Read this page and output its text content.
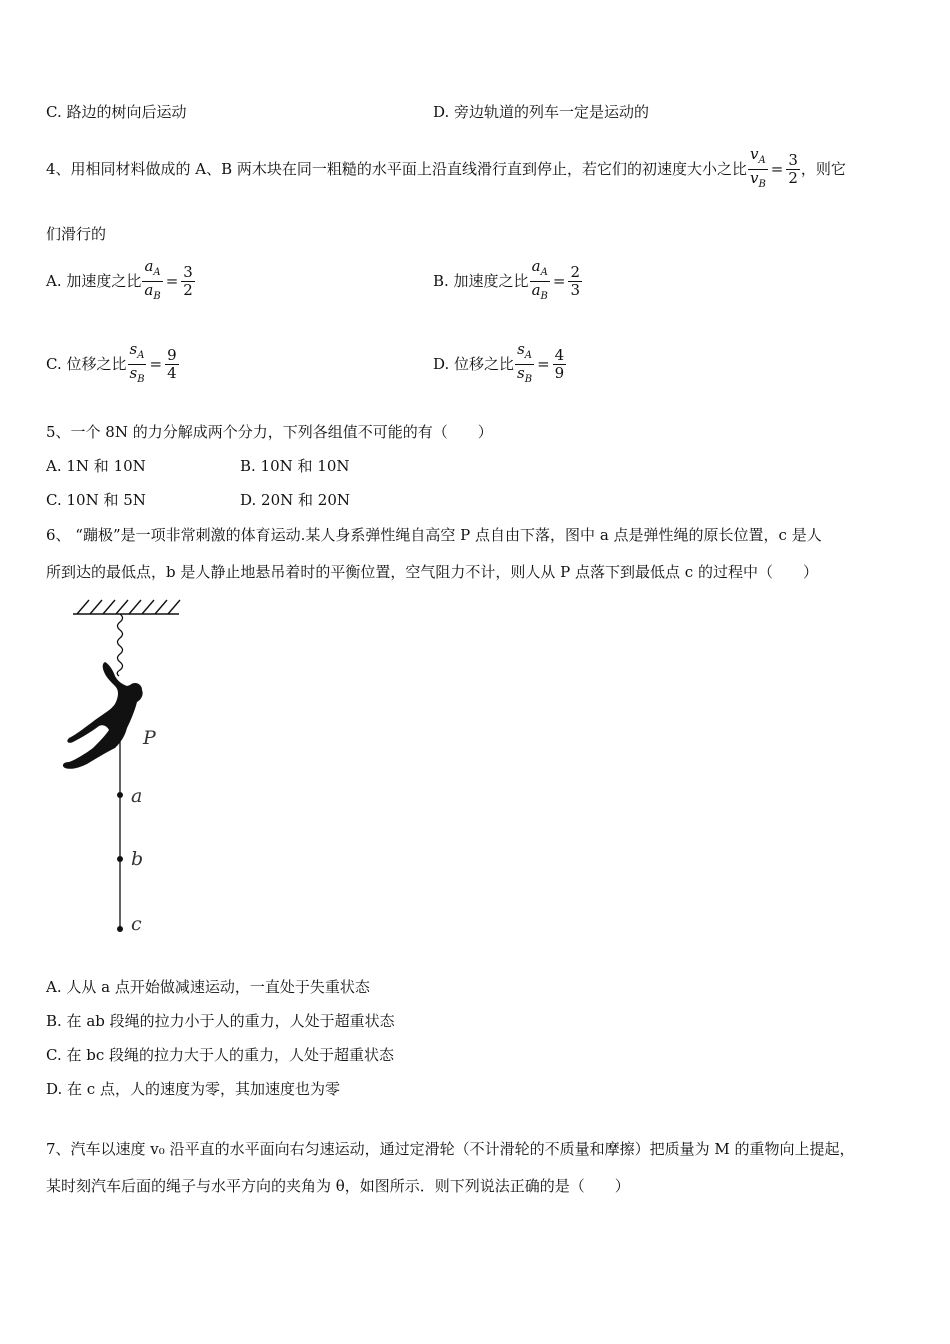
C. 路边的树向后运动	D. 旁边轨道的列车一定是运动的
4、用相同材料做成的 A、B 两木块在同一粗糙的水平面上沿直线滑行直到停止，若它们的初速度大小之比 $\frac{v_A}{v_B} = \frac{3}{2}$ ，则它
们滑行的
A. 加速度之比 $\frac{a_A}{a_B} = \frac{3}{2}$	B. 加速度之比 $\frac{a_A}{a_B} = \frac{2}{3}$
C. 位移之比 $\frac{s_A}{s_B} = \frac{9}{4}$	D. 位移之比 $\frac{s_A}{s_B} = \frac{4}{9}$
5、一个 8N 的力分解成两个分力，下列各组值不可能的有（　　）
A. 1N 和 10N	B. 10N 和 10N
C. 10N 和 5N	D. 20N 和 20N
6、 “蹦极”是一项非常刺激的体育运动.某人身系弹性绳自高空 P 点自由下落，图中 a 点是弹性绳的原长位置，c 是人
所到达的最低点，b 是人静止地悬吊着时的平衡位置，空气阻力不计，则人从 P 点落下到最低点 c 的过程中（　　）
P
a
b
c
A. 人从 a 点开始做减速运动，一直处于失重状态
B. 在 ab 段绳的拉力小于人的重力，人处于超重状态
C. 在 bc 段绳的拉力大于人的重力，人处于超重状态
D. 在 c 点，人的速度为零，其加速度也为零
7、汽车以速度 v₀ 沿平直的水平面向右匀速运动，通过定滑轮（不计滑轮的不质量和摩擦）把质量为 M 的重物向上提起，
某时刻汽车后面的绳子与水平方向的夹角为 θ，如图所示．则下列说法正确的是（　　）
